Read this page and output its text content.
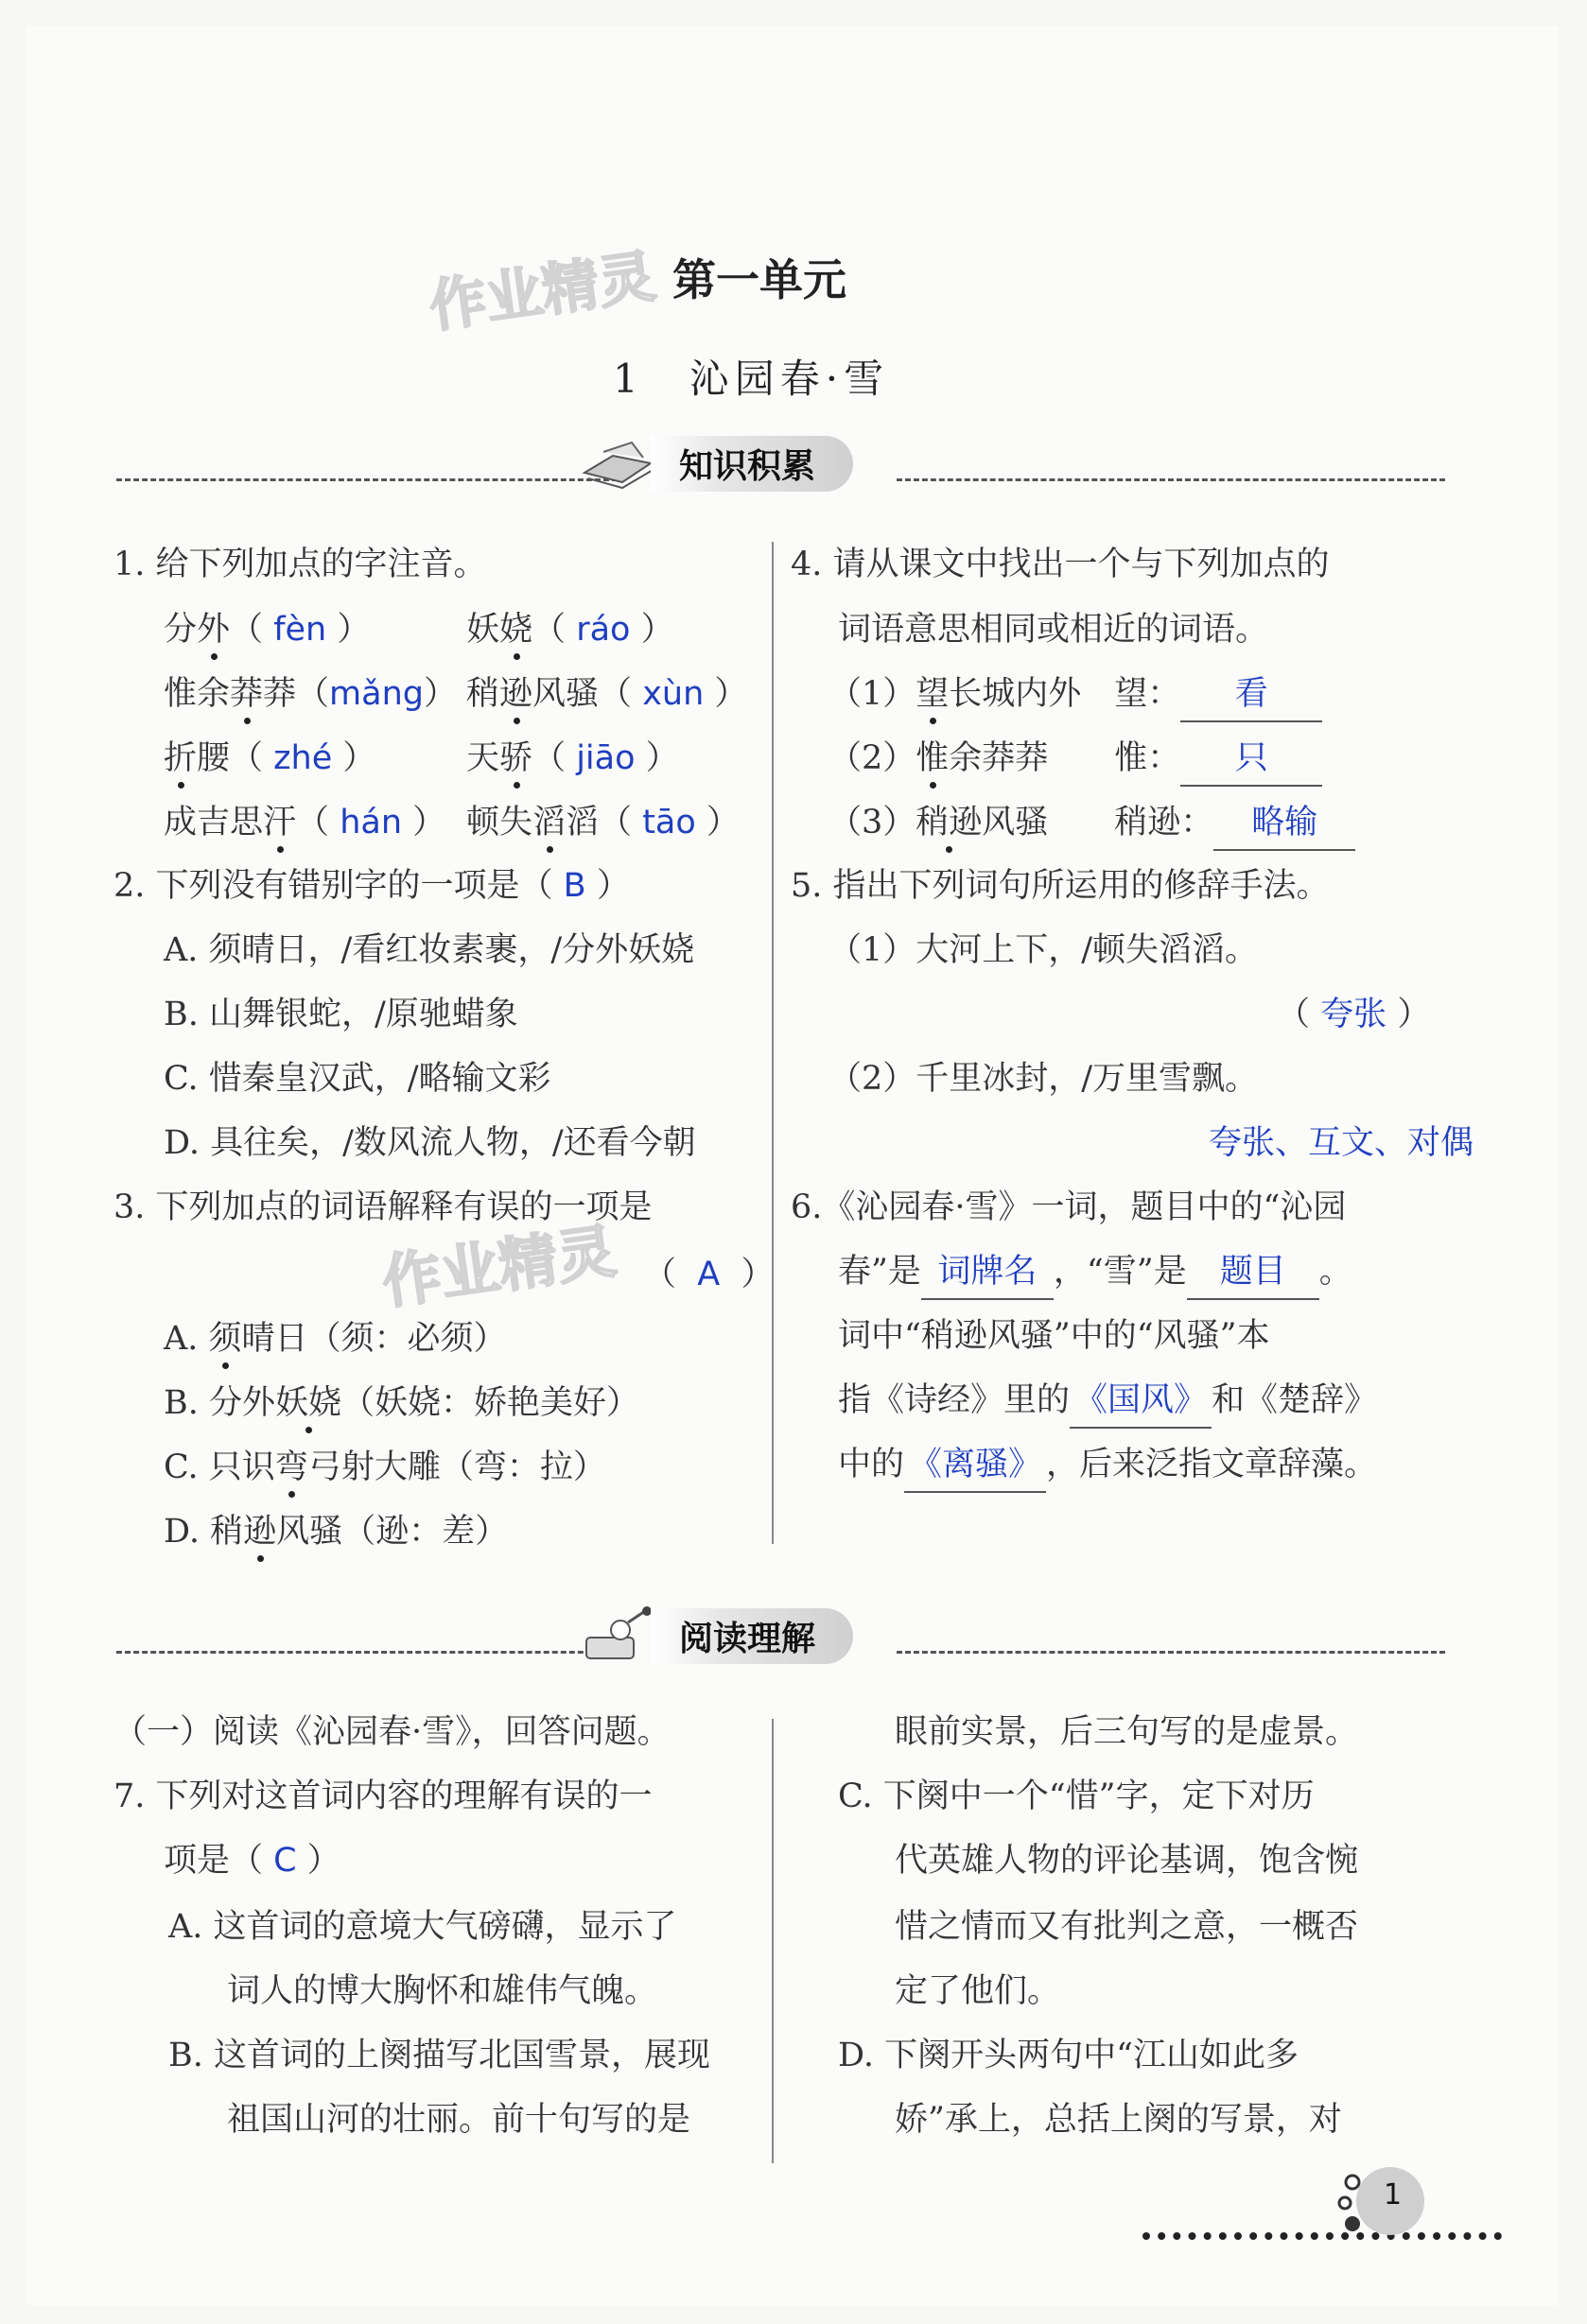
第一单元
作业精灵
1　沁园春·雪
知识积累
1. 给下列加点的字注音。
分外（ fèn ）	妖娆（ ráo ）
惟余莽莽（mǎng） 稍逊风骚（ xùn ）
折腰（ zhé ）	天骄（ jiāo ）
成吉思汗（ hán ） 顿失滔滔（ tāo ）
2. 下列没有错别字的一项是（ B ）
A. 须晴日，/看红妆素裹，/分外妖娆
B. 山舞银蛇，/原驰蜡象
C. 惜秦皇汉武，/略输文彩
D. 具往矣，/数风流人物，/还看今朝
3. 下列加点的词语解释有误的一项是
作业精灵 （ A ）
A. 须晴日（须：必须）
B. 分外妖娆（妖娆：娇艳美好）
C. 只识弯弓射大雕（弯：拉）
D. 稍逊风骚（逊：差）
4. 请从课文中找出一个与下列加点的
词语意思相同或相近的词语。
（1）望长城内外　望： 看
（2）惟余莽莽　　惟： 只
（3）稍逊风骚　　稍逊： 略输
5. 指出下列词句所运用的修辞手法。
（1）大河上下，/顿失滔滔。
（ 夸张 ）
（2）千里冰封，/万里雪飘。
夸张、互文、对偶
6.《沁园春·雪》一词，题目中的“沁园
春”是 词牌名 ，“雪”是 题目 。
词中“稍逊风骚”中的“风骚”本
指《诗经》里的 《国风》 和《楚辞》
中的 《离骚》 ，后来泛指文章辞藻。
阅读理解
（一）阅读《沁园春·雪》，回答问题。
7. 下列对这首词内容的理解有误的一
项是（ C ）
A. 这首词的意境大气磅礴，显示了
词人的博大胸怀和雄伟气魄。
B. 这首词的上阕描写北国雪景，展现
祖国山河的壮丽。前十句写的是
眼前实景，后三句写的是虚景。
C. 下阕中一个“惜”字，定下对历
代英雄人物的评论基调，饱含惋
惜之情而又有批判之意，一概否
定了他们。
D. 下阕开头两句中“江山如此多
娇”承上，总括上阕的写景，对
1
